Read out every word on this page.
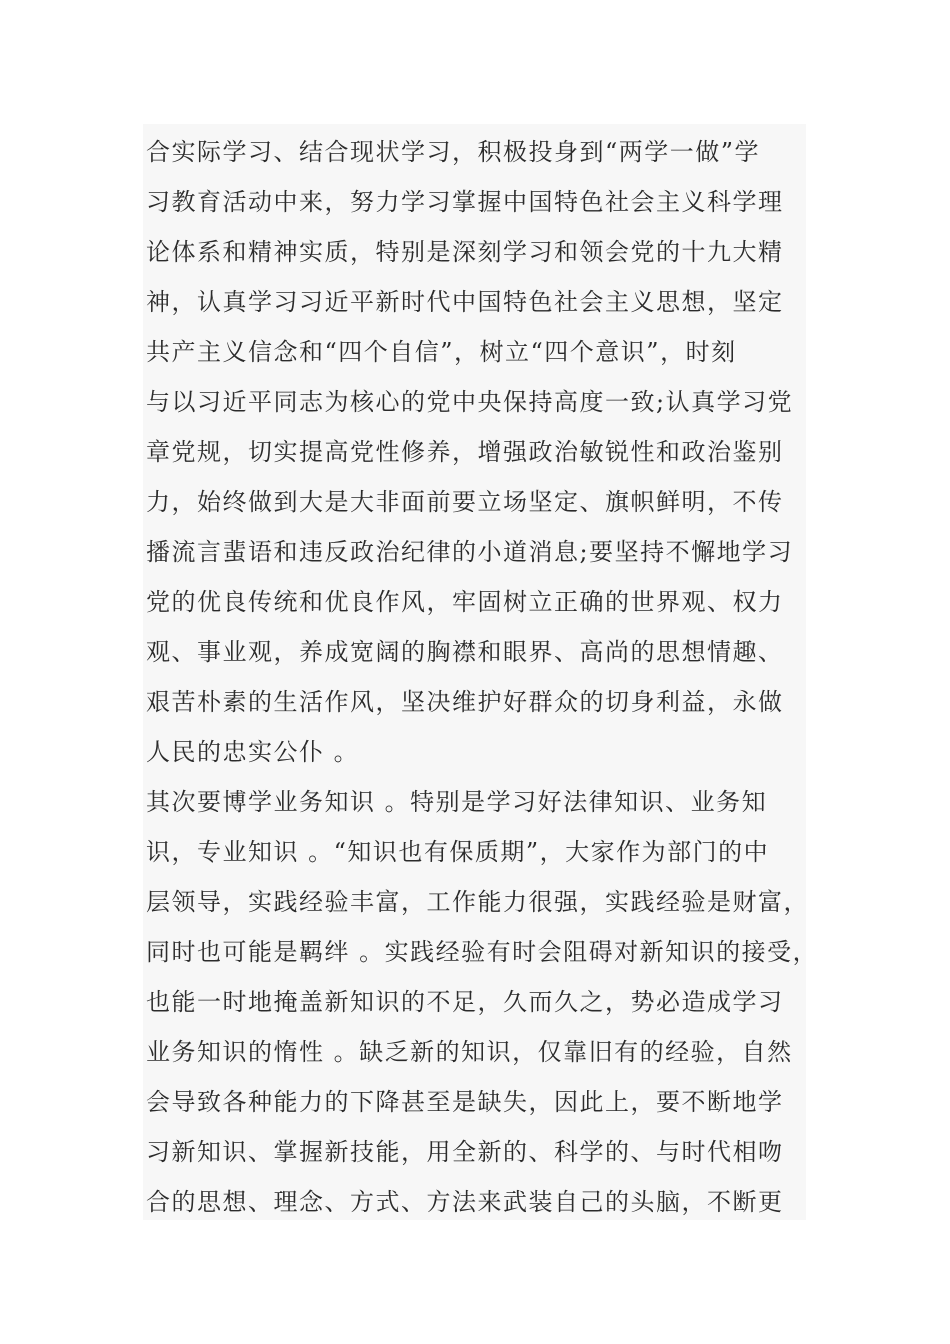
合实际学习、结合现状学习，积极投身到“两学一做”学
习教育活动中来，努力学习掌握中国特色社会主义科学理
论体系和精神实质，特别是深刻学习和领会党的十九大精
神，认真学习习近平新时代中国特色社会主义思想，坚定
共产主义信念和“四个自信”，树立“四个意识”，时刻
与以习近平同志为核心的党中央保持高度一致;认真学习党
章党规，切实提高党性修养，增强政治敏锐性和政治鉴别
力，始终做到大是大非面前要立场坚定、旗帜鲜明，不传
播流言蜚语和违反政治纪律的小道消息;要坚持不懈地学习
党的优良传统和优良作风，牢固树立正确的世界观、权力
观、事业观，养成宽阔的胸襟和眼界、高尚的思想情趣、
艰苦朴素的生活作风，坚决维护好群众的切身利益，永做
人民的忠实公仆 。
其次要博学业务知识 。特别是学习好法律知识、业务知
识，专业知识 。“知识也有保质期”，大家作为部门的中
层领导，实践经验丰富，工作能力很强，实践经验是财富，
同时也可能是羁绊 。实践经验有时会阻碍对新知识的接受，
也能一时地掩盖新知识的不足，久而久之，势必造成学习
业务知识的惰性 。缺乏新的知识，仅靠旧有的经验，自然
会导致各种能力的下降甚至是缺失，因此上，要不断地学
习新知识、掌握新技能，用全新的、科学的、与时代相吻
合的思想、理念、方式、方法来武装自己的头脑，不断更
